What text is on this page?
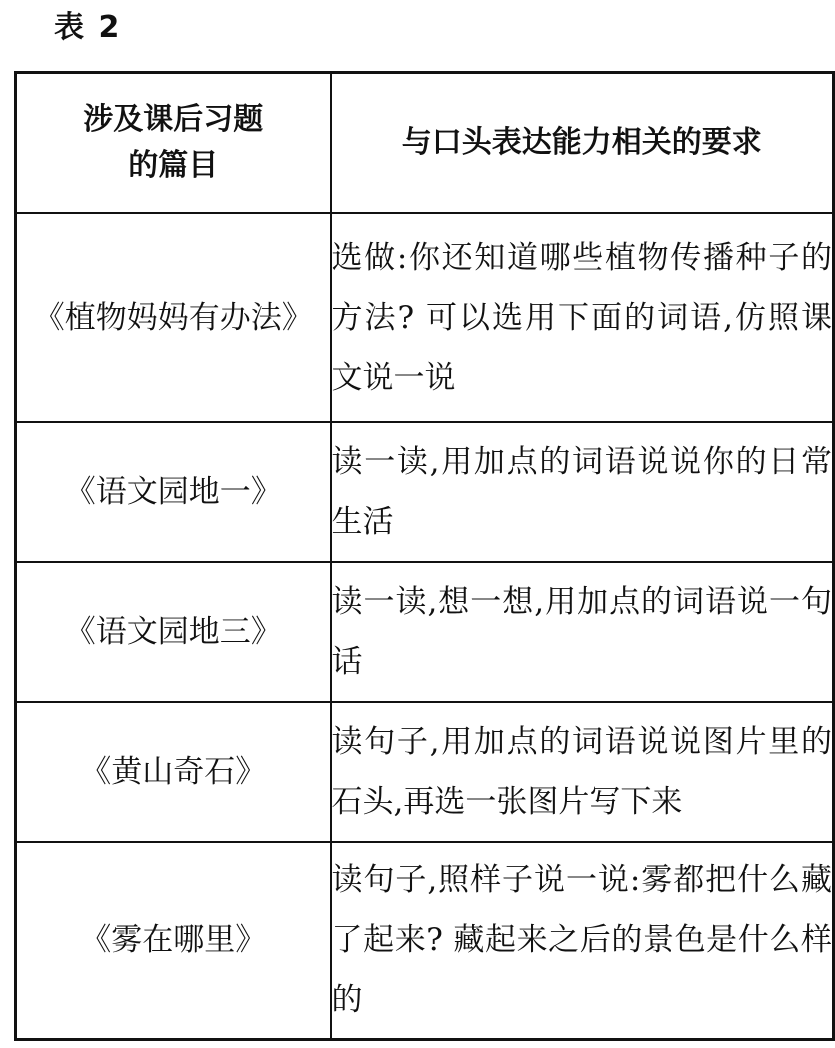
表 2
涉及课后习题的篇目	与口头表达能力相关的要求
《植物妈妈有办法》	选做:你还知道哪些植物传播种子的方法? 可以选用下面的词语,仿照课文说一说
《语文园地一》	读一读,用加点的词语说说你的日常生活
《语文园地三》	读一读,想一想,用加点的词语说一句话
《黄山奇石》	读句子,用加点的词语说说图片里的石头,再选一张图片写下来
《雾在哪里》	读句子,照样子说一说:雾都把什么藏了起来? 藏起来之后的景色是什么样的
